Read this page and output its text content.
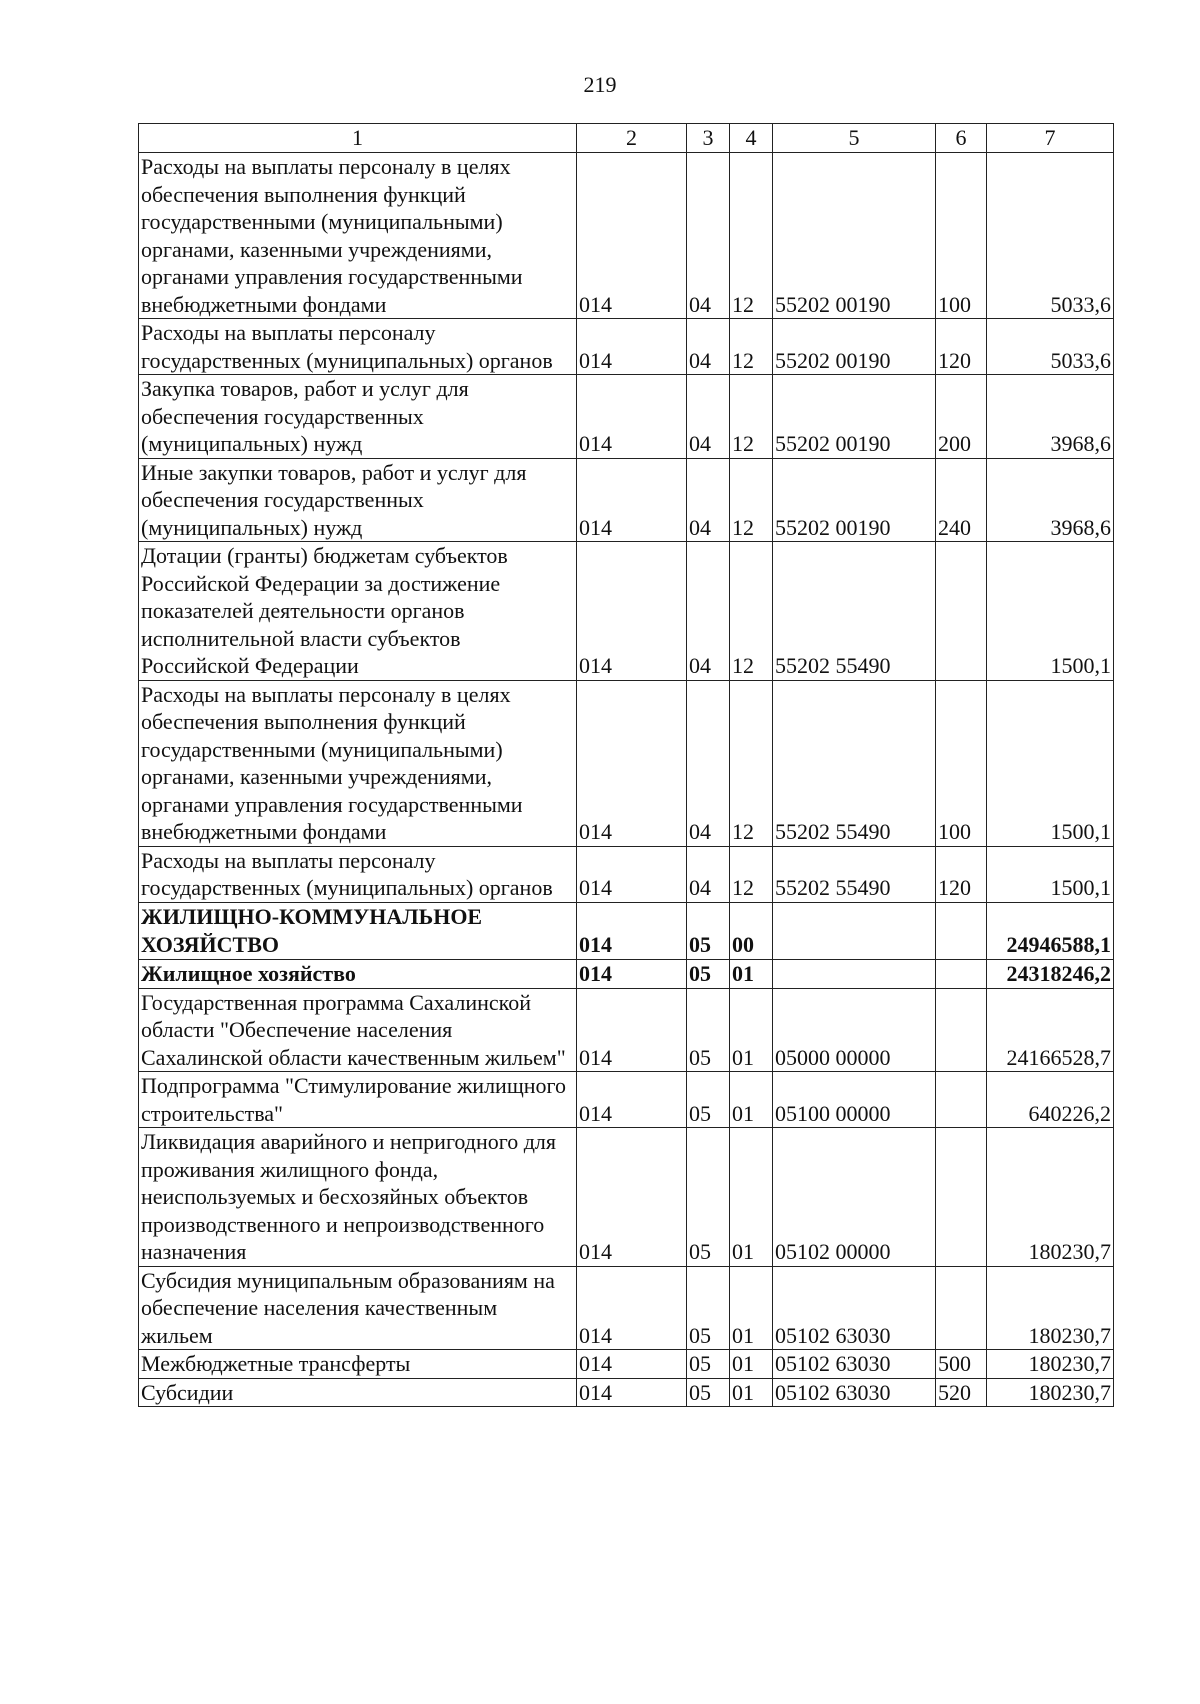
219
1	2	3	4	5	6	7
Расходы на выплаты персоналу в целях обеспечения выполнения функций государственными (муниципальными) органами, казенными учреждениями, органами управления государственными внебюджетными фондами	014	04	12	55202 00190	100	5033,6
Расходы на выплаты персоналу государственных (муниципальных) органов	014	04	12	55202 00190	120	5033,6
Закупка товаров, работ и услуг для обеспечения государственных (муниципальных) нужд	014	04	12	55202 00190	200	3968,6
Иные закупки товаров, работ и услуг для обеспечения государственных (муниципальных) нужд	014	04	12	55202 00190	240	3968,6
Дотации (гранты) бюджетам субъектов Российской Федерации за достижение показателей деятельности органов исполнительной власти субъектов Российской Федерации	014	04	12	55202 55490		1500,1
Расходы на выплаты персоналу в целях обеспечения выполнения функций государственными (муниципальными) органами, казенными учреждениями, органами управления государственными внебюджетными фондами	014	04	12	55202 55490	100	1500,1
Расходы на выплаты персоналу государственных (муниципальных) органов	014	04	12	55202 55490	120	1500,1
ЖИЛИЩНО-КОММУНАЛЬНОЕ ХОЗЯЙСТВО	014	05	00			24946588,1
Жилищное хозяйство	014	05	01			24318246,2
Государственная программа Сахалинской области "Обеспечение населения Сахалинской области качественным жильем"	014	05	01	05000 00000		24166528,7
Подпрограмма "Стимулирование жилищного строительства"	014	05	01	05100 00000		640226,2
Ликвидация аварийного и непригодного для проживания жилищного фонда, неиспользуемых и бесхозяйных объектов производственного и непроизводственного назначения	014	05	01	05102 00000		180230,7
Субсидия муниципальным образованиям на обеспечение населения качественным жильем	014	05	01	05102 63030		180230,7
Межбюджетные трансферты	014	05	01	05102 63030	500	180230,7
Субсидии	014	05	01	05102 63030	520	180230,7
